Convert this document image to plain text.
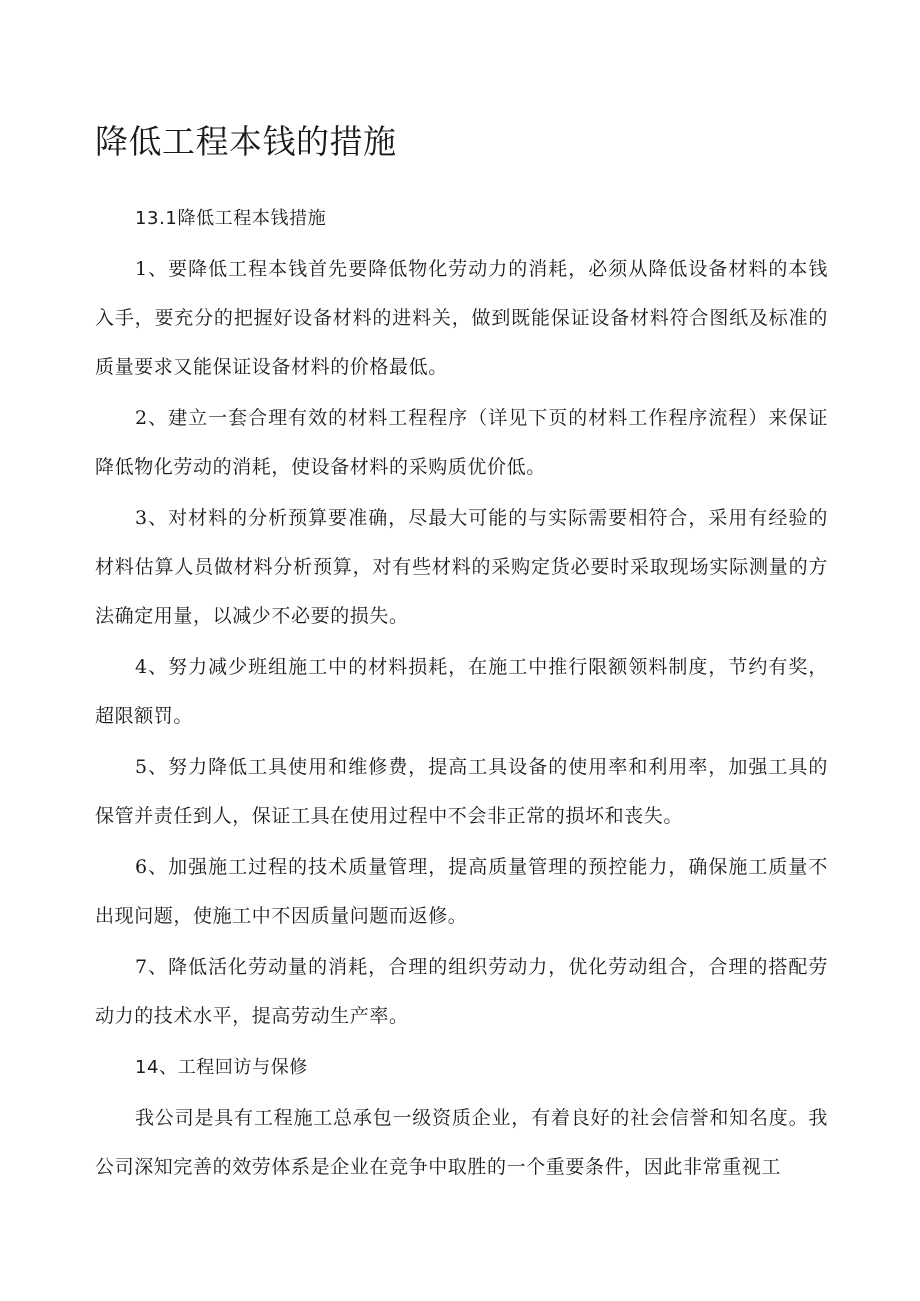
降低工程本钱的措施

13.1降低工程本钱措施

1、要降低工程本钱首先要降低物化劳动力的消耗，必须从降低设备材料的本钱入手，要充分的把握好设备材料的进料关，做到既能保证设备材料符合图纸及标准的质量要求又能保证设备材料的价格最低。

2、建立一套合理有效的材料工程程序（详见下页的材料工作程序流程）来保证降低物化劳动的消耗，使设备材料的采购质优价低。

3、对材料的分析预算要准确，尽最大可能的与实际需要相符合，采用有经验的材料估算人员做材料分析预算，对有些材料的采购定货必要时采取现场实际测量的方法确定用量，以减少不必要的损失。

4、努力减少班组施工中的材料损耗，在施工中推行限额领料制度，节约有奖，超限额罚。

5、努力降低工具使用和维修费，提高工具设备的使用率和利用率，加强工具的保管并责任到人，保证工具在使用过程中不会非正常的损坏和丧失。

6、加强施工过程的技术质量管理，提高质量管理的预控能力，确保施工质量不出现问题，使施工中不因质量问题而返修。

7、降低活化劳动量的消耗，合理的组织劳动力，优化劳动组合，合理的搭配劳动力的技术水平，提高劳动生产率。

14、工程回访与保修

我公司是具有工程施工总承包一级资质企业，有着良好的社会信誉和知名度。我公司深知完善的效劳体系是企业在竞争中取胜的一个重要条件，因此非常重视工
